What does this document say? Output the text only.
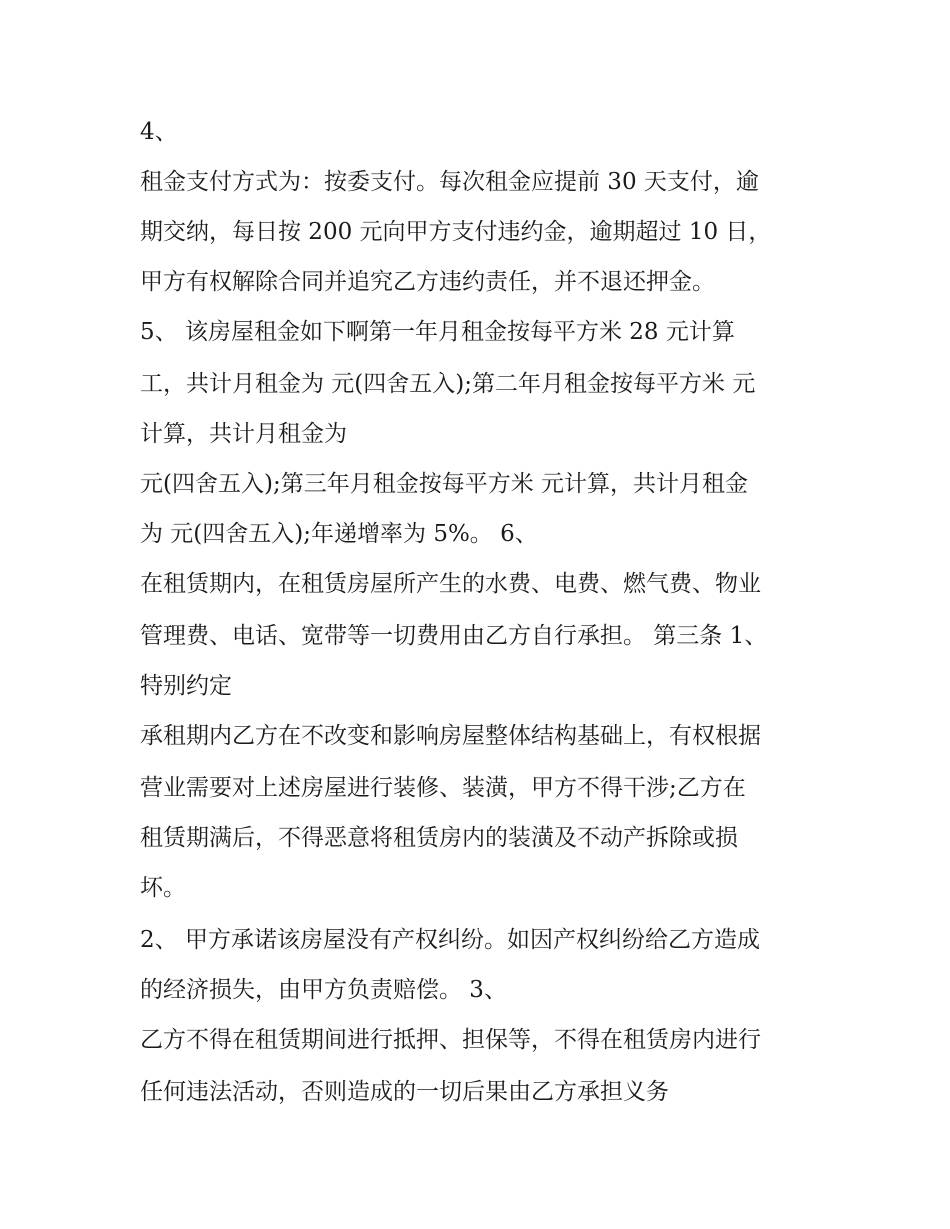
4、

租金支付方式为：按委支付。每次租金应提前 30 天支付，逾

期交纳，每日按 200 元向甲方支付违约金，逾期超过 10 日，

甲方有权解除合同并追究乙方违约责任，并不退还押金。

5、 该房屋租金如下啊第一年月租金按每平方米 28 元计算

工，共计月租金为 元(四舍五入);第二年月租金按每平方米 元

计算，共计月租金为

元(四舍五入);第三年月租金按每平方米 元计算，共计月租金

为 元(四舍五入);年递增率为 5%。 6、

在租赁期内，在租赁房屋所产生的水费、电费、燃气费、物业

管理费、电话、宽带等一切费用由乙方自行承担。 第三条 1、

特别约定

承租期内乙方在不改变和影响房屋整体结构基础上，有权根据

营业需要对上述房屋进行装修、装潢，甲方不得干涉;乙方在

租赁期满后，不得恶意将租赁房内的装潢及不动产拆除或损

坏。

2、 甲方承诺该房屋没有产权纠纷。如因产权纠纷给乙方造成

的经济损失，由甲方负责赔偿。 3、

乙方不得在租赁期间进行抵押、担保等，不得在租赁房内进行

任何违法活动，否则造成的一切后果由乙方承担义务
